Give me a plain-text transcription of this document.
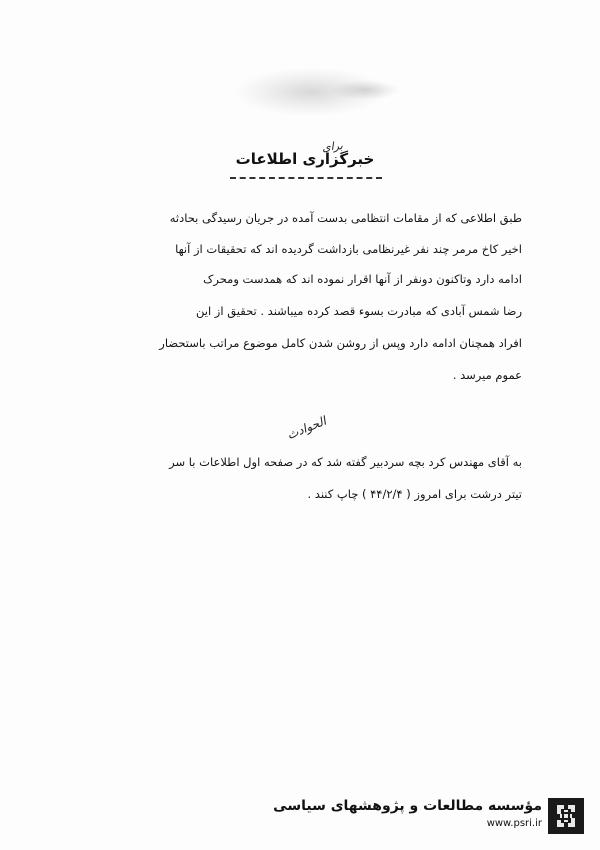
برای
خبرگزاری اطلاعات
طبق اطلاعی که از مقامات انتظامی بدست آمده در جریان رسیدگی بحادثه
اخیر کاخ مرمر چند نفر غیرنظامی بازداشت گردیده اند که تحقیقات از آنها
ادامه دارد وتاکنون دونفر از آنها اقرار نموده اند که همدست ومحرک
رضا شمس آبادی که مبادرت بسوء قصد کرده میباشند . تحقیق از این
افراد همچنان ادامه دارد وپس از روشن شدن کامل موضوع مراتب باستحضار
عموم میرسد .
الحوادث
به آقای مهندس کرد بچه سردبیر گفته شد که در صفحه اول اطلاعات با سر
تیتر درشت برای امروز ( ۴۴/۲/۴ ) چاپ کنند .
مؤسسه مطالعات و پژوهشهای سیاسی
www.psri.ir
